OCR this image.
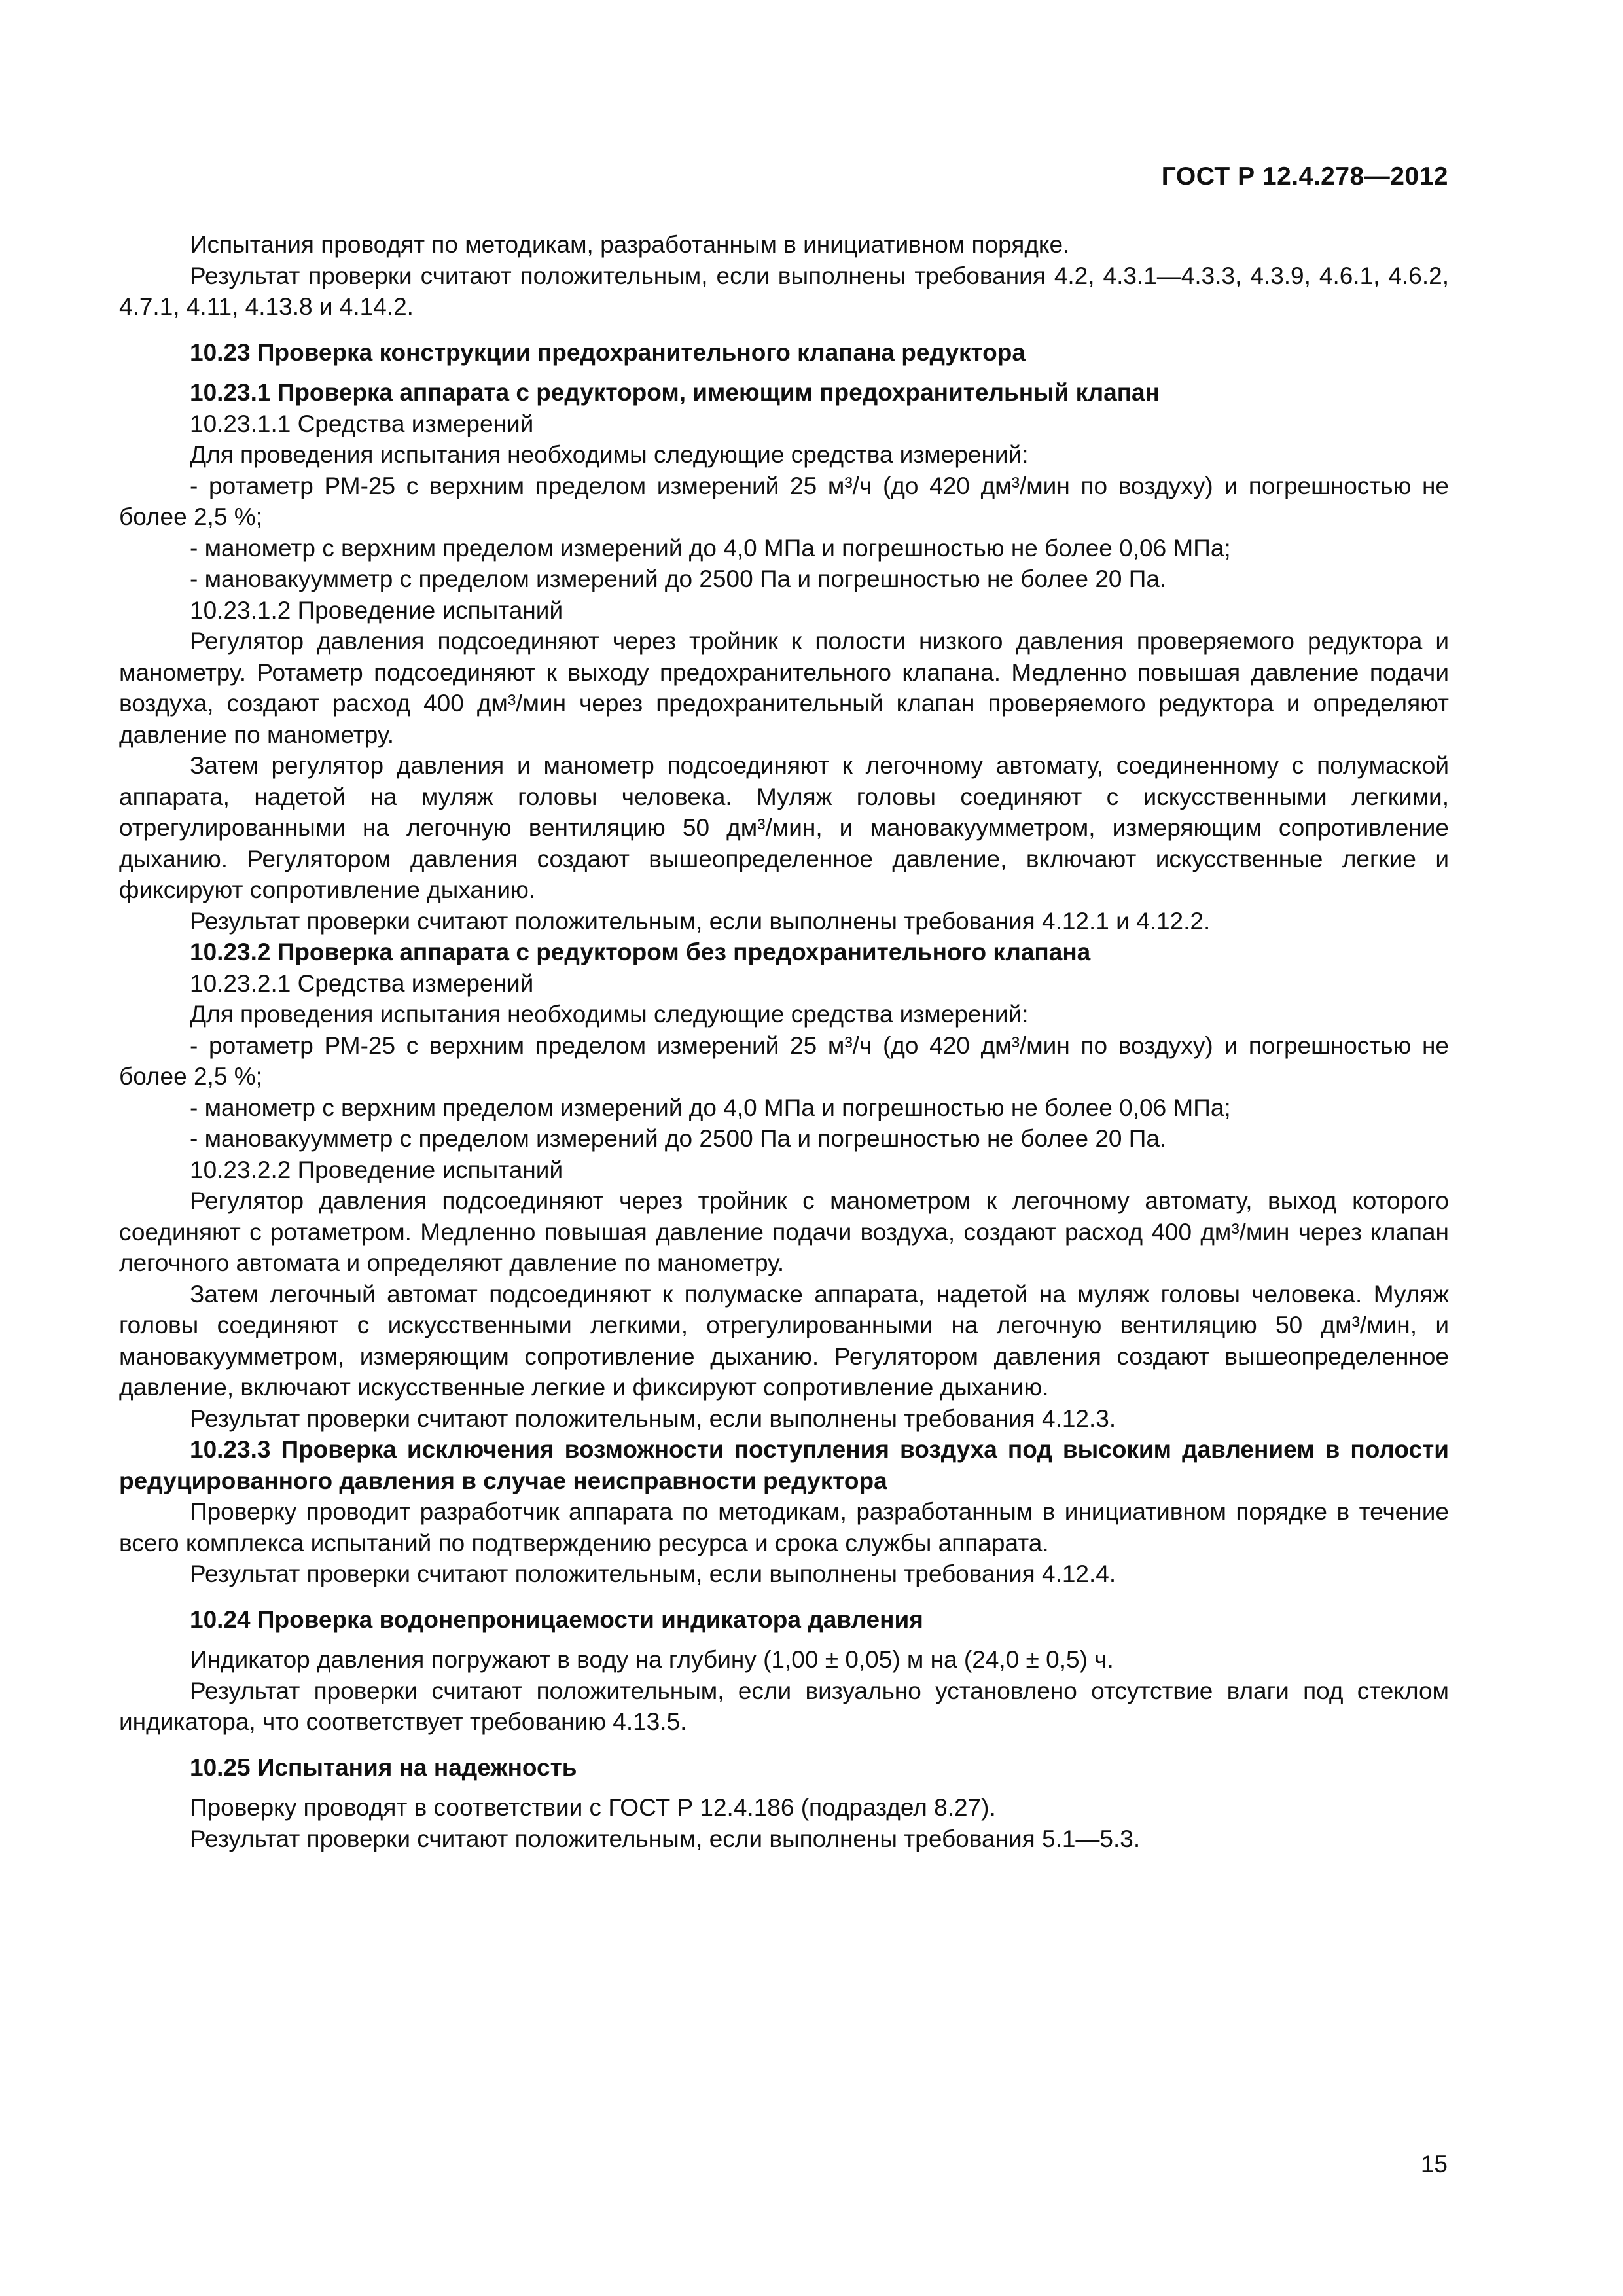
ГОСТ Р 12.4.278—2012

Испытания проводят по методикам, разработанным в инициативном порядке.

Результат проверки считают положительным, если выполнены требования 4.2, 4.3.1—4.3.3, 4.3.9, 4.6.1, 4.6.2, 4.7.1, 4.11, 4.13.8 и 4.14.2.

10.23 Проверка конструкции предохранительного клапана редуктора

10.23.1 Проверка аппарата с редуктором, имеющим предохранительный клапан

10.23.1.1 Средства измерений

Для проведения испытания необходимы следующие средства измерений:

- ротаметр РМ-25 с верхним пределом измерений 25 м³/ч (до 420 дм³/мин по воздуху) и погрешностью не более 2,5 %;

- манометр с верхним пределом измерений до 4,0 МПа и погрешностью не более 0,06 МПа;

- мановакуумметр с пределом измерений до 2500 Па и погрешностью не более 20 Па.

10.23.1.2 Проведение испытаний

Регулятор давления подсоединяют через тройник к полости низкого давления проверяемого редуктора и манометру. Ротаметр подсоединяют к выходу предохранительного клапана. Медленно повышая давление подачи воздуха, создают расход 400 дм³/мин через предохранительный клапан проверяемого редуктора и определяют давление по манометру.

Затем регулятор давления и манометр подсоединяют к легочному автомату, соединенному с полумаской аппарата, надетой на муляж головы человека. Муляж головы соединяют с искусственными легкими, отрегулированными на легочную вентиляцию 50 дм³/мин, и мановакуумметром, измеряющим сопротивление дыханию. Регулятором давления создают вышеопределенное давление, включают искусственные легкие и фиксируют сопротивление дыханию.

Результат проверки считают положительным, если выполнены требования 4.12.1 и 4.12.2.

10.23.2 Проверка аппарата с редуктором без предохранительного клапана

10.23.2.1 Средства измерений

Для проведения испытания необходимы следующие средства измерений:

- ротаметр РМ-25 с верхним пределом измерений 25 м³/ч (до 420 дм³/мин по воздуху) и погрешностью не более 2,5 %;

- манометр с верхним пределом измерений до 4,0 МПа и погрешностью не более 0,06 МПа;

- мановакуумметр с пределом измерений до 2500 Па и погрешностью не более 20 Па.

10.23.2.2 Проведение испытаний

Регулятор давления подсоединяют через тройник с манометром к легочному автомату, выход которого соединяют с ротаметром. Медленно повышая давление подачи воздуха, создают расход 400 дм³/мин через клапан легочного автомата и определяют давление по манометру.

Затем легочный автомат подсоединяют к полумаске аппарата, надетой на муляж головы человека. Муляж головы соединяют с искусственными легкими, отрегулированными на легочную вентиляцию 50 дм³/мин, и мановакуумметром, измеряющим сопротивление дыханию. Регулятором давления создают вышеопределенное давление, включают искусственные легкие и фиксируют сопротивление дыханию.

Результат проверки считают положительным, если выполнены требования 4.12.3.

10.23.3 Проверка исключения возможности поступления воздуха под высоким давлением в полости редуцированного давления в случае неисправности редуктора

Проверку проводит разработчик аппарата по методикам, разработанным в инициативном порядке в течение всего комплекса испытаний по подтверждению ресурса и срока службы аппарата.

Результат проверки считают положительным, если выполнены требования 4.12.4.

10.24 Проверка водонепроницаемости индикатора давления

Индикатор давления погружают в воду на глубину (1,00 ± 0,05) м на (24,0 ± 0,5) ч.

Результат проверки считают положительным, если визуально установлено отсутствие влаги под стеклом индикатора, что соответствует требованию 4.13.5.

10.25 Испытания на надежность

Проверку проводят в соответствии с ГОСТ Р 12.4.186 (подраздел 8.27).

Результат проверки считают положительным, если выполнены требования 5.1—5.3.

15
